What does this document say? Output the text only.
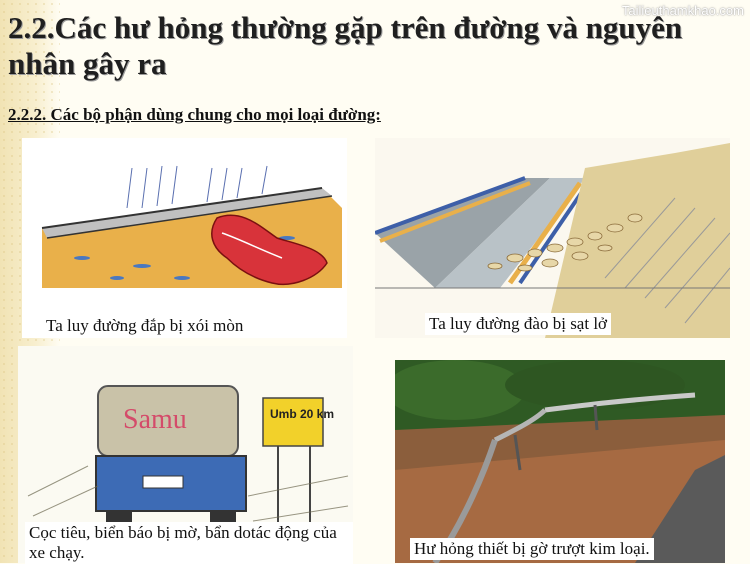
Tailieuthamkhao.com
2.2.Các hư hỏng thường gặp trên đường và nguyên nhân gây ra
2.2.2. Các bộ phận dùng chung cho mọi loại đường:
Ta luy đường đắp bị xói mòn	Ta luy đường đào bị sạt lở
Samu	Umb 20 km
Cọc tiêu, biển báo bị mờ, bẩn dotác động của xe chạy.	Hư hỏng thiết bị gờ trượt kim loại.
